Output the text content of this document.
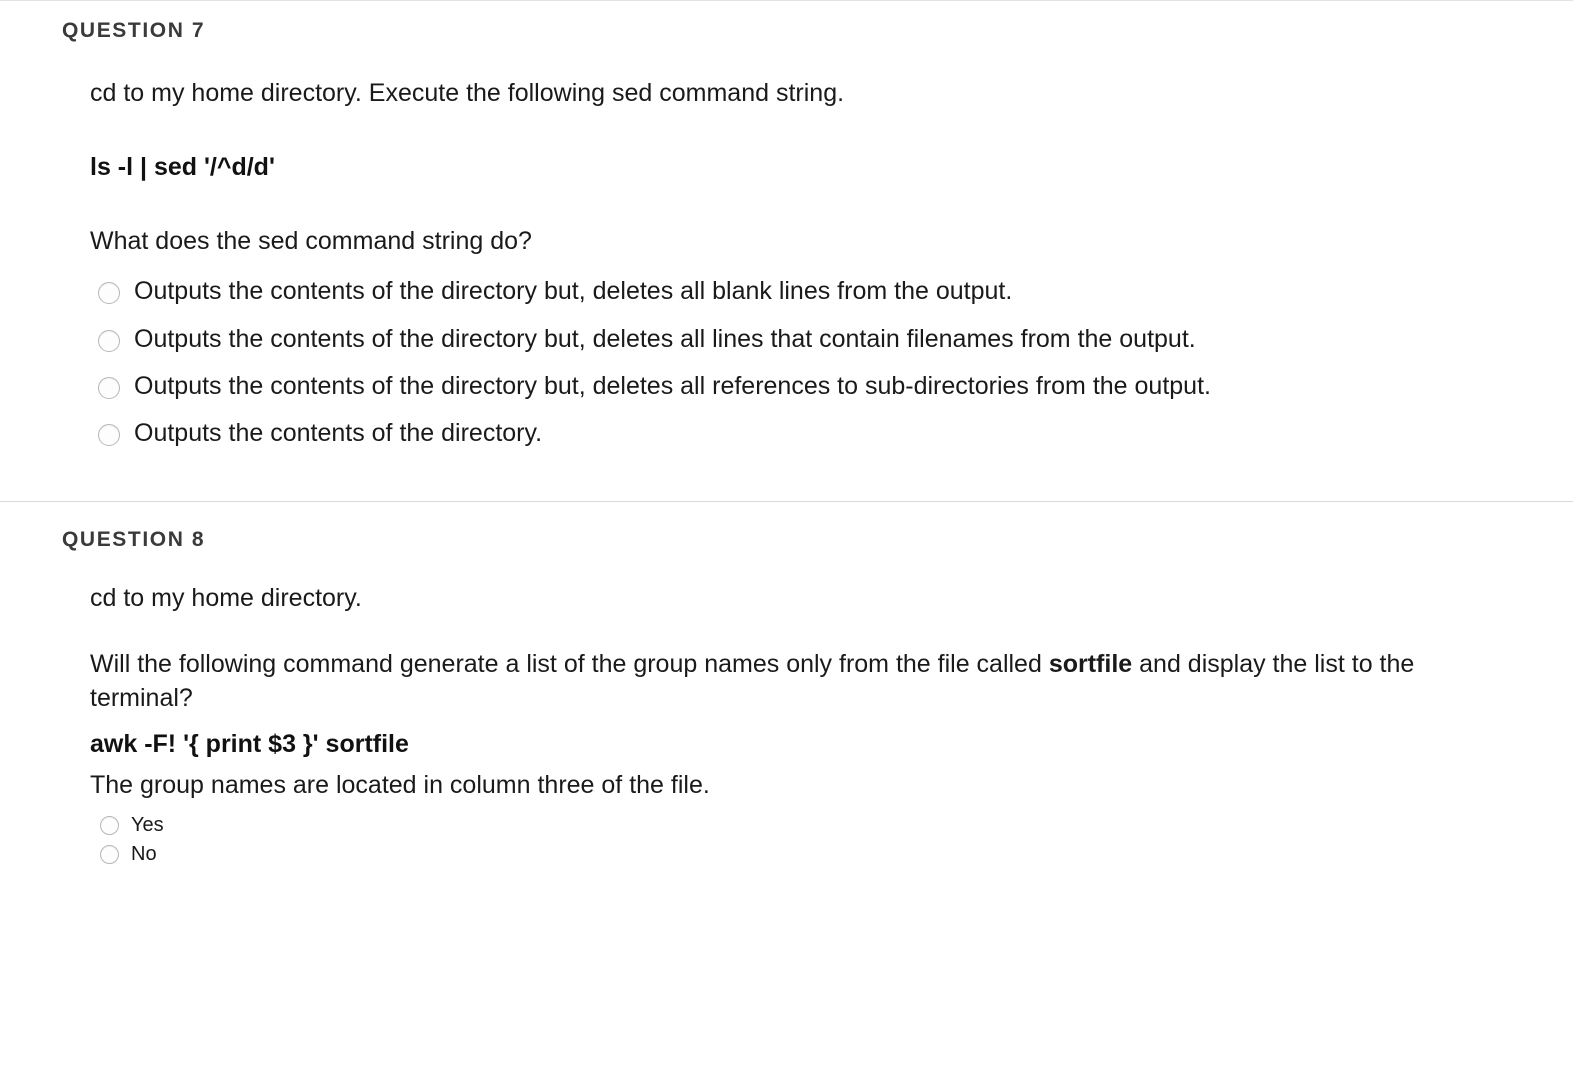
QUESTION 7

cd to my home directory. Execute the following sed command string.

ls -l | sed '/^d/d'

What does the sed command string do?

Outputs the contents of the directory but, deletes all blank lines from the output.
Outputs the contents of the directory but, deletes all lines that contain filenames from the output.
Outputs the contents of the directory but, deletes all references to sub-directories from the output.
Outputs the contents of the directory.
QUESTION 8

cd to my home directory.

Will the following command generate a list of the group names only from the file called sortfile and display the list to the terminal?

awk -F! '{ print $3 }' sortfile

The group names are located in column three of the file.

Yes
No
